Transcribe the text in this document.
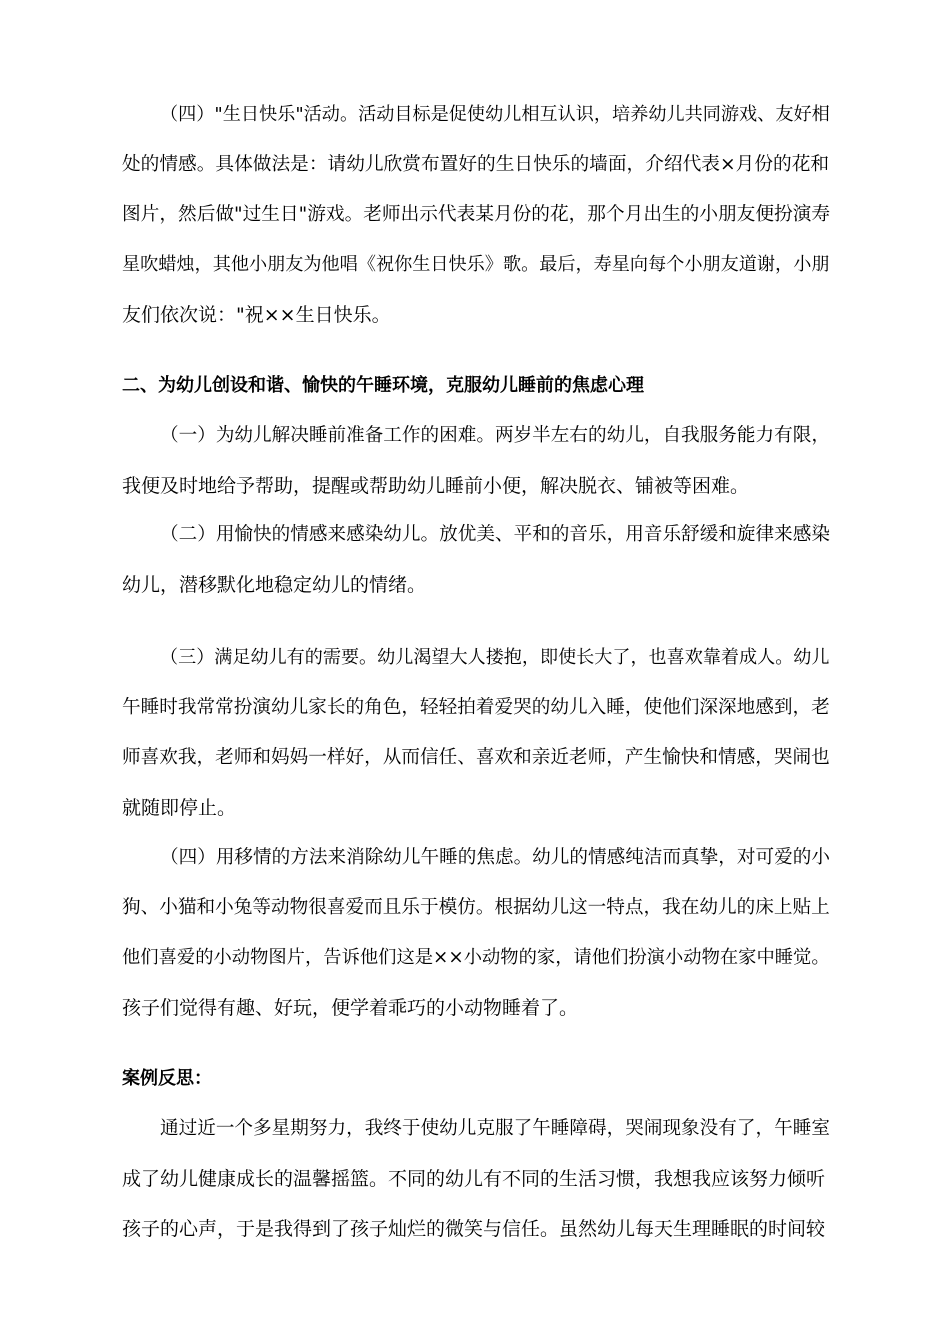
（四）"生日快乐"活动。活动目标是促使幼儿相互认识，培养幼儿共同游戏、友好相
处的情感。具体做法是：请幼儿欣赏布置好的生日快乐的墙面，介绍代表×月份的花和
图片，然后做"过生日"游戏。老师出示代表某月份的花，那个月出生的小朋友便扮演寿
星吹蜡烛，其他小朋友为他唱《祝你生日快乐》歌。最后，寿星向每个小朋友道谢，小朋
友们依次说："祝××生日快乐。
二、为幼儿创设和谐、愉快的午睡环境，克服幼儿睡前的焦虑心理
（一）为幼儿解决睡前准备工作的困难。两岁半左右的幼儿，自我服务能力有限，
我便及时地给予帮助，提醒或帮助幼儿睡前小便，解决脱衣、铺被等困难。
（二）用愉快的情感来感染幼儿。放优美、平和的音乐，用音乐舒缓和旋律来感染
幼儿，潜移默化地稳定幼儿的情绪。
（三）满足幼儿有的需要。幼儿渴望大人搂抱，即使长大了，也喜欢靠着成人。幼儿
午睡时我常常扮演幼儿家长的角色，轻轻拍着爱哭的幼儿入睡，使他们深深地感到，老
师喜欢我，老师和妈妈一样好，从而信任、喜欢和亲近老师，产生愉快和情感，哭闹也
就随即停止。
（四）用移情的方法来消除幼儿午睡的焦虑。幼儿的情感纯洁而真挚，对可爱的小
狗、小猫和小兔等动物很喜爱而且乐于模仿。根据幼儿这一特点，我在幼儿的床上贴上
他们喜爱的小动物图片，告诉他们这是××小动物的家，请他们扮演小动物在家中睡觉。
孩子们觉得有趣、好玩，便学着乖巧的小动物睡着了。
案例反思：
通过近一个多星期努力，我终于使幼儿克服了午睡障碍，哭闹现象没有了，午睡室
成了幼儿健康成长的温馨摇篮。不同的幼儿有不同的生活习惯，我想我应该努力倾听
孩子的心声，于是我得到了孩子灿烂的微笑与信任。虽然幼儿每天生理睡眠的时间较
